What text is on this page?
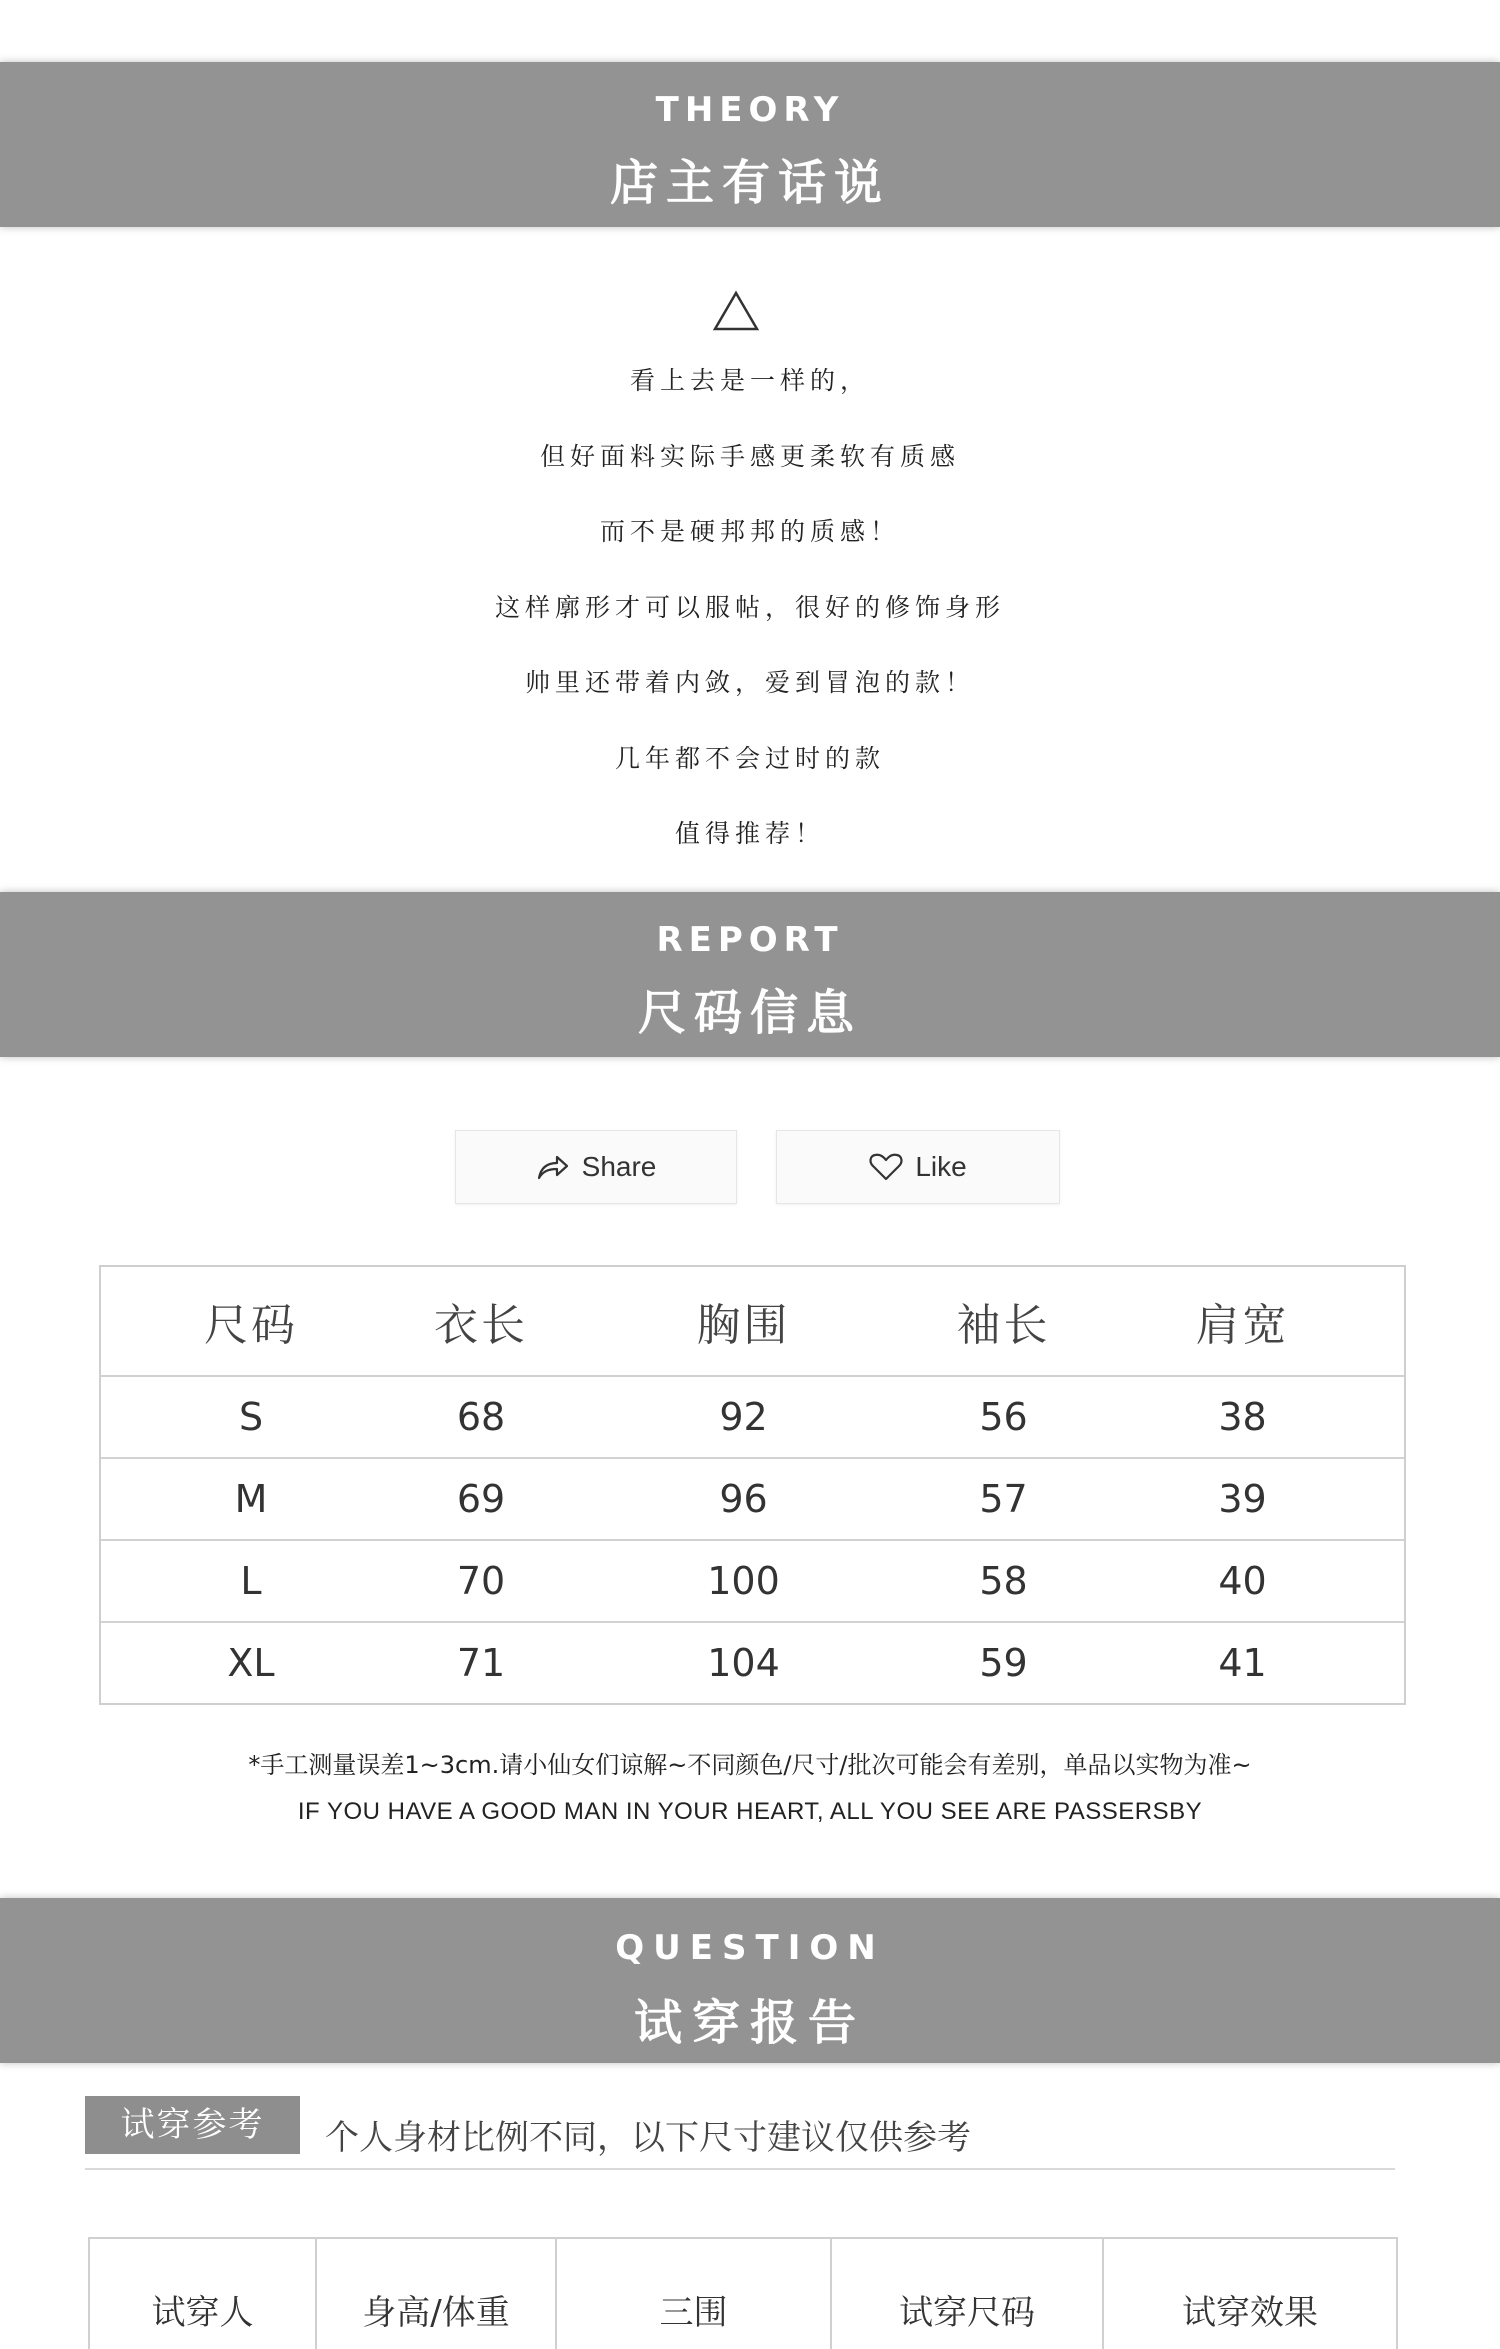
THEORY
店主有话说
看上去是一样的，
但好面料实际手感更柔软有质感
而不是硬邦邦的质感！
这样廓形才可以服帖，很好的修饰身形
帅里还带着内敛，爱到冒泡的款！
几年都不会过时的款
值得推荐！
REPORT
尺码信息
Share	Like
尺码	衣长	胸围	袖长	肩宽
S	68	92	56	38
M	69	96	57	39
L	70	100	58	40
XL	71	104	59	41
*手工测量误差1~3cm.请小仙女们谅解~不同颜色/尺寸/批次可能会有差别，单品以实物为准~
IF YOU HAVE A GOOD MAN IN YOUR HEART, ALL YOU SEE ARE PASSERSBY
QUESTION
试穿报告
试穿参考	个人身材比例不同，以下尺寸建议仅供参考
试穿人	身高/体重	三围	试穿尺码	试穿效果
